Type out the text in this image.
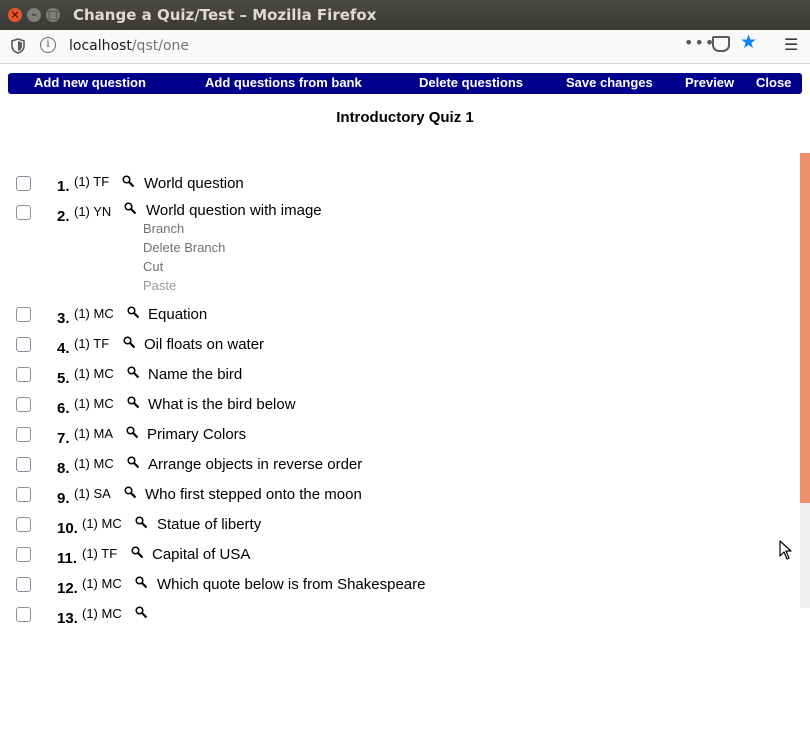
×	–	□ Change a Quiz/Test – Mozilla Firefox
i	localhost/qst/one	••• ★ ☰
Add new question	Add questions from bank	Delete questions	Save changes Preview Close
Introductory Quiz 1
1. (1) TF World question
2. (1) YN World question with image
Branch
Delete Branch
Cut
Paste
3. (1) MC Equation
4. (1) TF Oil floats on water
5. (1) MC Name the bird
6. (1) MC What is the bird below
7. (1) MA Primary Colors
8. (1) MC Arrange objects in reverse order
9. (1) SA Who first stepped onto the moon
10. (1) MC Statue of liberty
11. (1) TF Capital of USA
12. (1) MC Which quote below is from Shakespeare
13. (1) MC
